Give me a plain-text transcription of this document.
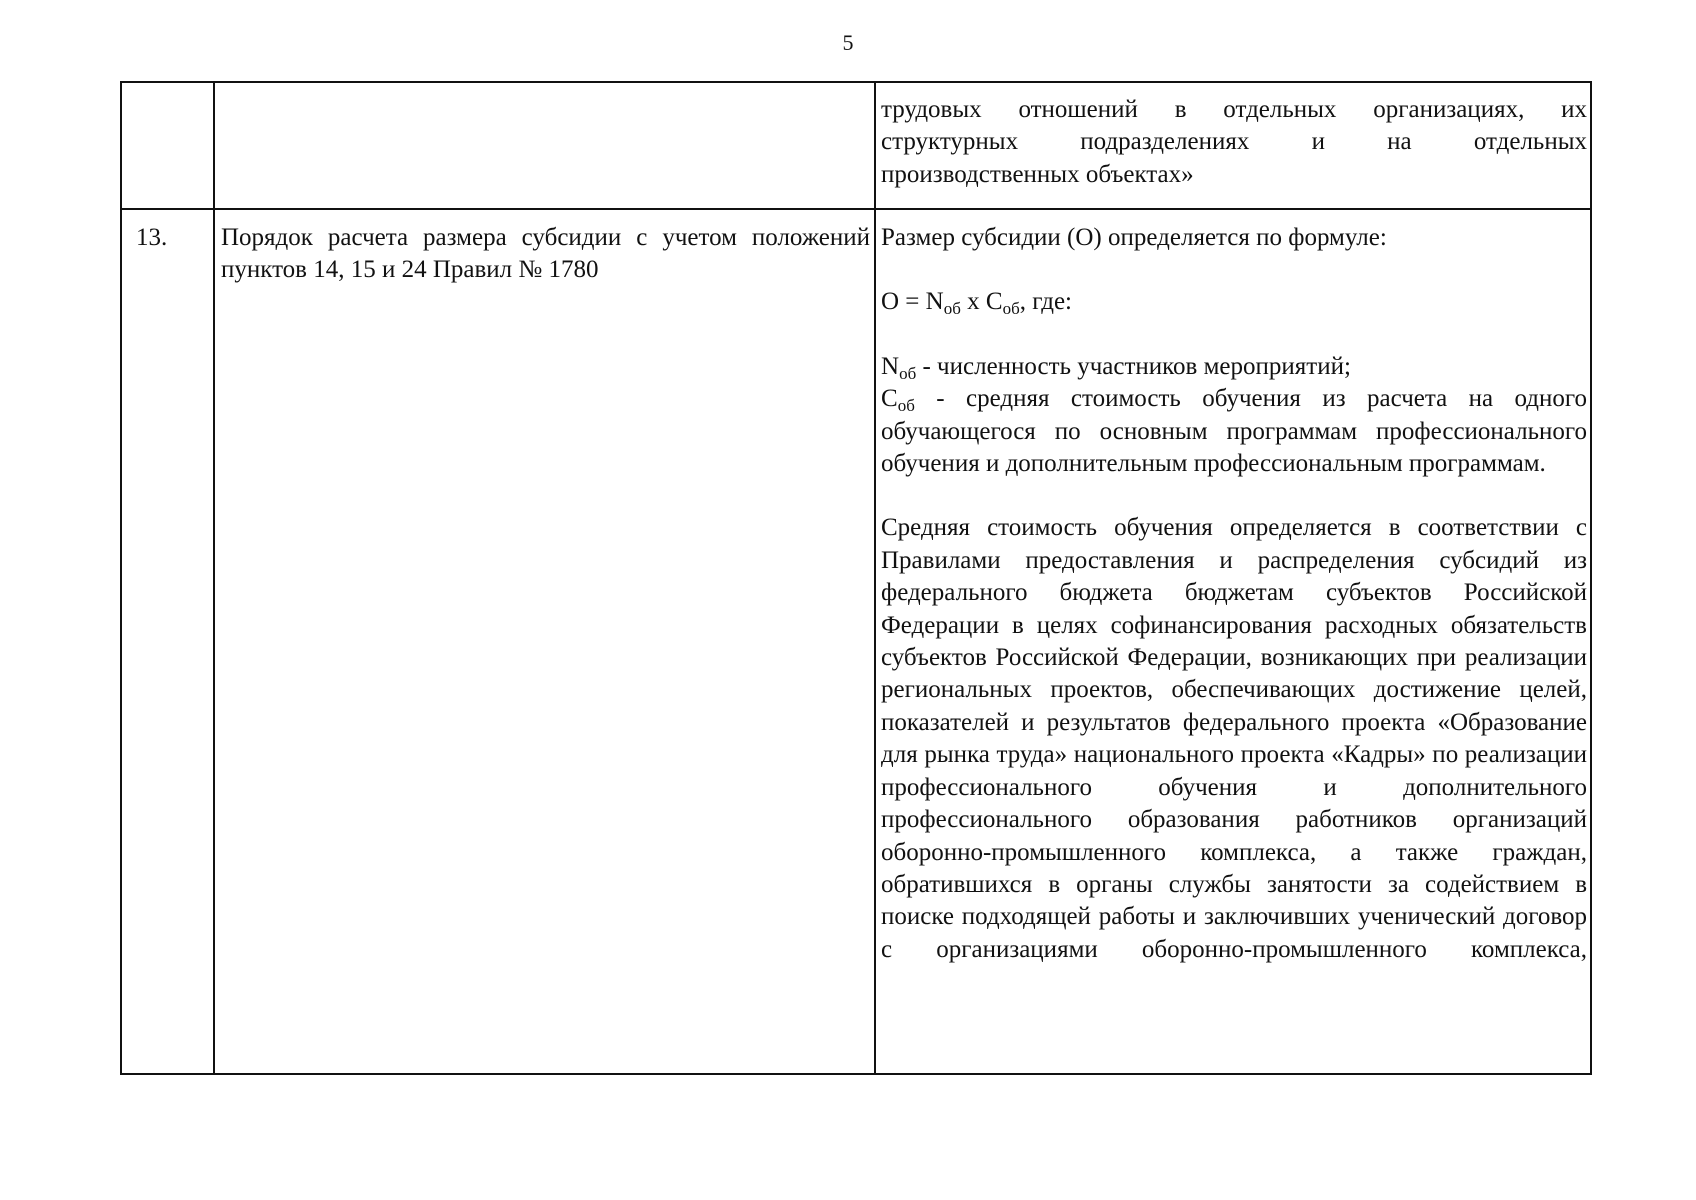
5

трудовых отношений в отдельных организациях, их

структурных подразделениях и на отдельных

производственных объектах»

13.	Порядок расчета размера субсидии с учетом положений пунктов 14, 15 и 24 Правил № 1780

Размер субсидии (О) определяется по формуле:

$О = N_{об}$ х $С_{об}$, где:

$N_{об}$ - численность участников мероприятий;

$С_{об}$ - средняя стоимость обучения из расчета на одного обучающегося по основным программам профессионального обучения и дополнительным профессиональным программам.

Средняя стоимость обучения определяется в соответствии с Правилами предоставления и распределения субсидий из федерального бюджета бюджетам субъектов Российской Федерации в целях софинансирования расходных обязательств субъектов Российской Федерации, возникающих при реализации региональных проектов, обеспечивающих достижение целей, показателей и результатов федерального проекта «Образование для рынка труда» национального проекта «Кадры» по реализации профессионального обучения и дополнительного профессионального образования работников организаций оборонно-промышленного комплекса, а также граждан, обратившихся в органы службы занятости за содействием в поиске подходящей работы и заключивших ученический договор с организациями оборонно-промышленного комплекса,
